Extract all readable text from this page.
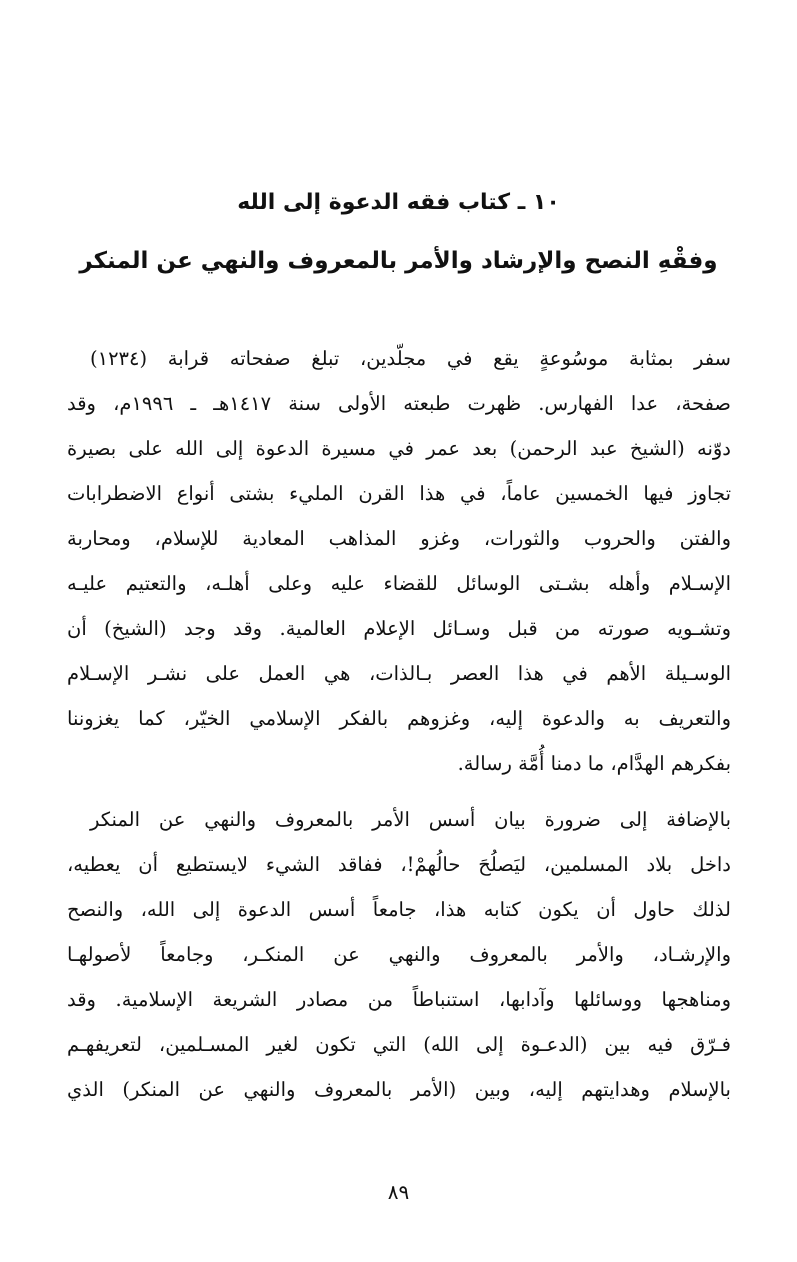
١٠ ـ كتاب فقه الدعوة إلى الله
وفقْهِ النصح والإرشاد والأمر بالمعروف والنهي عن المنكر
سفر بمثابة موسُوعةٍ يقع في مجلّدين، تبلغ صفحاته قرابة (١٢٣٤)
صفحة، عدا الفهارس. ظهرت طبعته الأولى سنة ١٤١٧هـ ـ ١٩٩٦م، وقد
دوّنه (الشيخ عبد الرحمن) بعد عمر في مسيرة الدعوة إلى الله على بصيرة
تجاوز فيها الخمسين عاماً، في هذا القرن المليء بشتى أنواع الاضطرابات
والفتن والحروب والثورات، وغزو المذاهب المعادية للإسلام، ومحاربة
الإسـلام وأهله بشـتى الوسائل للقضاء عليه وعلى أهلـه، والتعتيم عليـه
وتشـويه صورته من قبل وسـائل الإعلام العالمية. وقد وجد (الشيخ) أن
الوسـيلة الأهم في هذا العصر بـالذات، هي العمل على نشـر الإسـلام
والتعريف به والدعوة إليه، وغزوهم بالفكر الإسلامي الخيّر، كما يغزوننا
بفكرهم الهدَّام، ما دمنا أُمَّة رسالة.
بالإضافة إلى ضرورة بيان أسس الأمر بالمعروف والنهي عن المنكر
داخل بلاد المسلمين، ليَصلُحَ حالُهمْ!، ففاقد الشيء لايستطيع أن يعطيه،
لذلك حاول أن يكون كتابه هذا، جامعاً أسس الدعوة إلى الله، والنصح
والإرشـاد، والأمر بالمعروف والنهي عن المنكـر، وجامعاً لأصولهـا
ومناهجها ووسائلها وآدابها، استنباطاً من مصادر الشريعة الإسلامية. وقد
فـرّق فيه بين (الدعـوة إلى الله) التي تكون لغير المسـلمين، لتعريفهـم
بالإسلام وهدايتهم إليه، وبين (الأمر بالمعروف والنهي عن المنكر) الذي
٨٩
